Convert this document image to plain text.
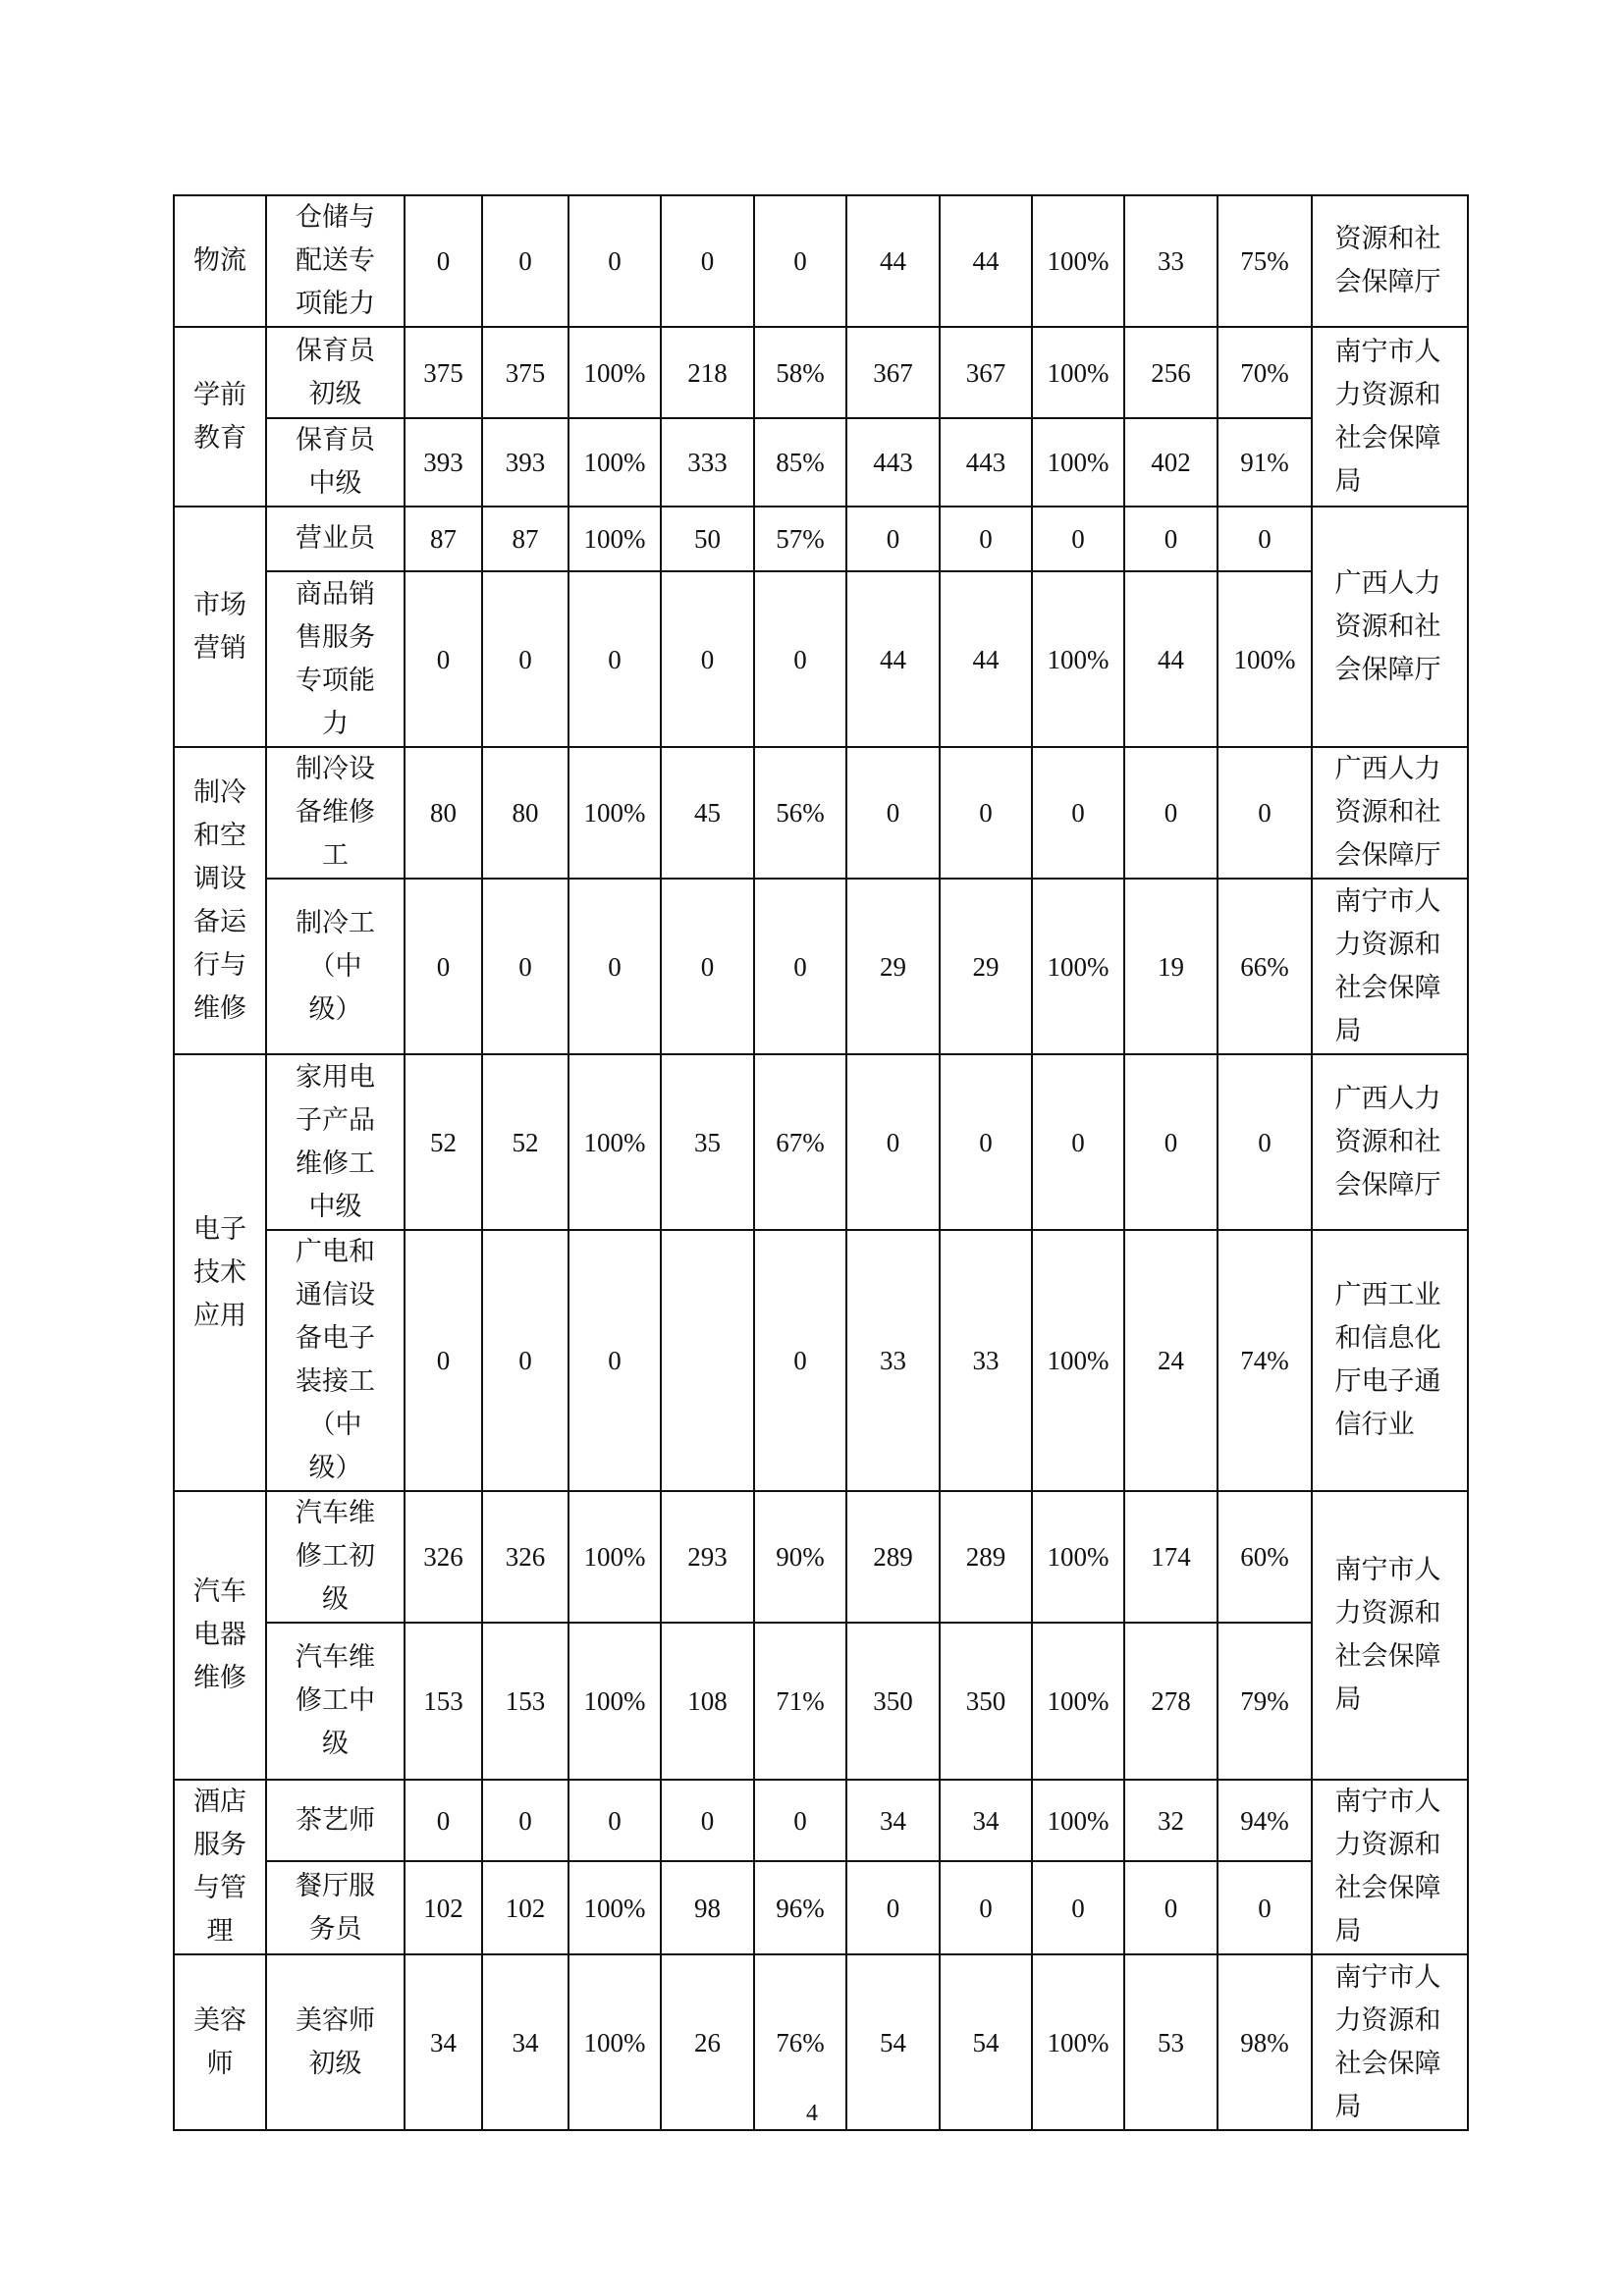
物流	仓储与配送专项能力	0	0	0	0	0	44	44	100%	33	75%	资源和社会保障厅

学前教育	保育员初级	375	375	100%	218	58%	367	367	100%	256	70%	南宁市人力资源和社会保障局

	保育员中级	393	393	100%	333	85%	443	443	100%	402	91%	
市场营销	营业员	87	87	100%	50	57%	0	0	0	0	0	广西人力资源和社会保障厅

	商品销售服务专项能力	0	0	0	0	0	44	44	100%	44	100%	
制冷和空调设备运行与维修	制冷设备维修工	80	80	100%	45	56%	0	0	0	0	0	广西人力资源和社会保障厅

	制冷工（中级）	0	0	0	0	0	29	29	100%	19	66%	南宁市人力资源和社会保障局

电子技术应用	家用电子产品维修工中级	52	52	100%	35	67%	0	0	0	0	0	广西人力资源和社会保障厅

	广电和通信设备电子装接工（中级）	0	0	0		0	33	33	100%	24	74%	广西工业和信息化厅电子通信行业

汽车电器维修	汽车维修工初级	326	326	100%	293	90%	289	289	100%	174	60%	南宁市人力资源和社会保障局

	汽车维修工中级	153	153	100%	108	71%	350	350	100%	278	79%	
酒店服务与管理	茶艺师	0	0	0	0	0	34	34	100%	32	94%	南宁市人力资源和社会保障局

	餐厅服务员	102	102	100%	98	96%	0	0	0	0	0	
美容师	美容师初级	34	34	100%	26	76%	54	54	100%	53	98%	南宁市人力资源和社会保障局
4
